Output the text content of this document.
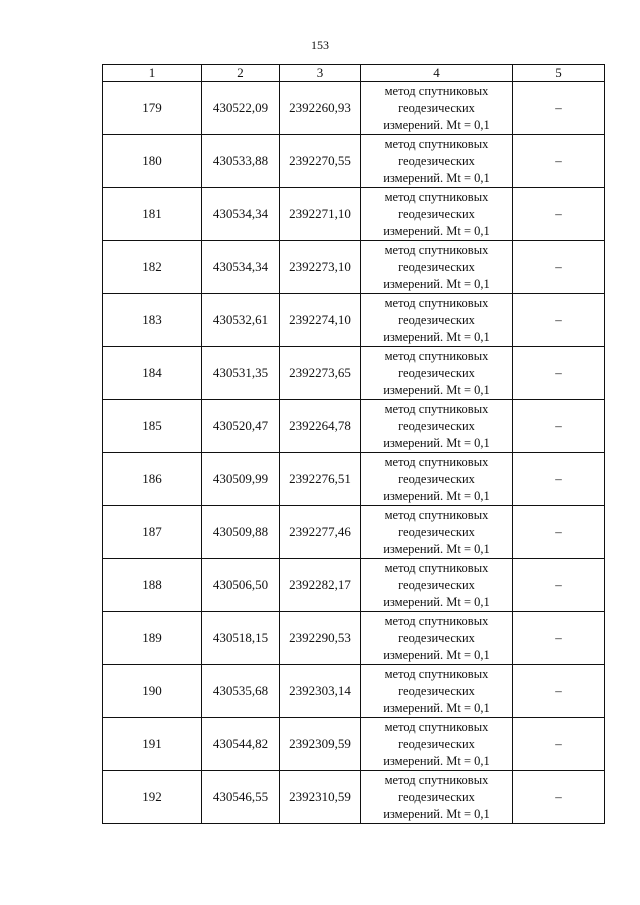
153
1	2	3	4	5
179	430522,09	2392260,93	метод спутниковых
геодезических
измерений. Mt = 0,1	–
180	430533,88	2392270,55	метод спутниковых
геодезических
измерений. Mt = 0,1	–
181	430534,34	2392271,10	метод спутниковых
геодезических
измерений. Mt = 0,1	–
182	430534,34	2392273,10	метод спутниковых
геодезических
измерений. Mt = 0,1	–
183	430532,61	2392274,10	метод спутниковых
геодезических
измерений. Mt = 0,1	–
184	430531,35	2392273,65	метод спутниковых
геодезических
измерений. Mt = 0,1	–
185	430520,47	2392264,78	метод спутниковых
геодезических
измерений. Mt = 0,1	–
186	430509,99	2392276,51	метод спутниковых
геодезических
измерений. Mt = 0,1	–
187	430509,88	2392277,46	метод спутниковых
геодезических
измерений. Mt = 0,1	–
188	430506,50	2392282,17	метод спутниковых
геодезических
измерений. Mt = 0,1	–
189	430518,15	2392290,53	метод спутниковых
геодезических
измерений. Mt = 0,1	–
190	430535,68	2392303,14	метод спутниковых
геодезических
измерений. Mt = 0,1	–
191	430544,82	2392309,59	метод спутниковых
геодезических
измерений. Mt = 0,1	–
192	430546,55	2392310,59	метод спутниковых
геодезических
измерений. Mt = 0,1	–
